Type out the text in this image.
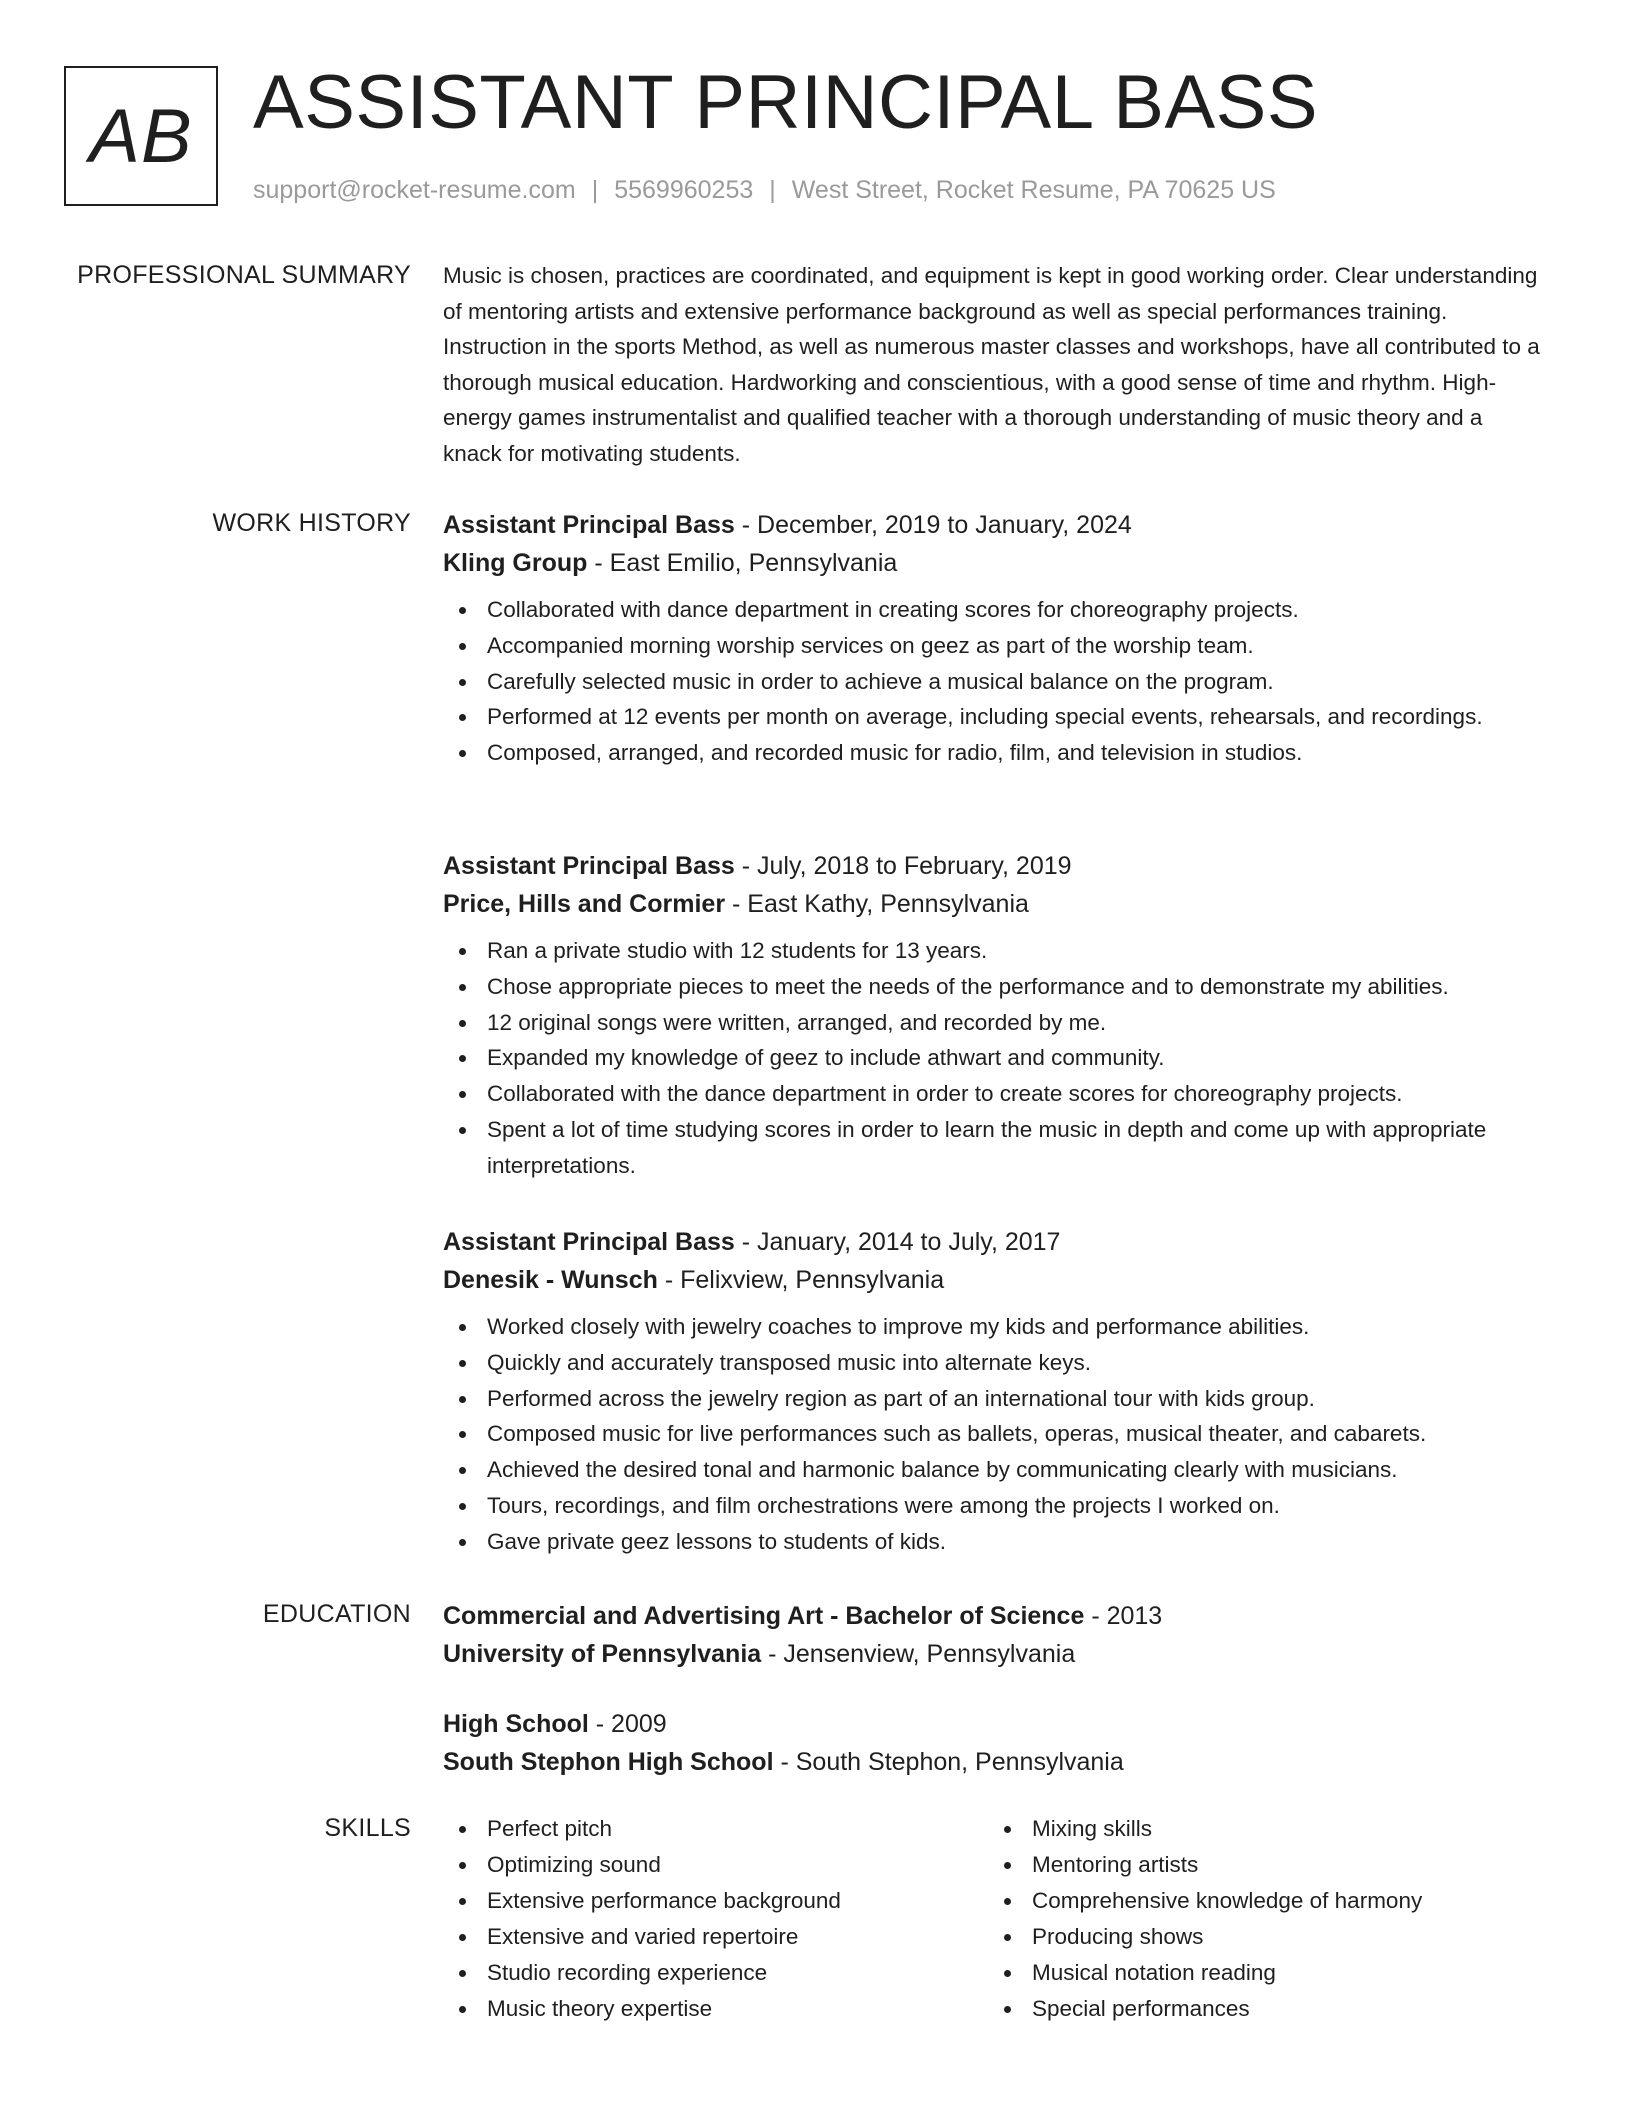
AB ASSISTANT PRINCIPAL BASS
support@rocket-resume.com | 5569960253 | West Street, Rocket Resume, PA 70625 US
PROFESSIONAL SUMMARY Music is chosen, practices are coordinated, and equipment is kept in good working order. Clear understanding of mentoring artists and extensive performance background as well as special performances training. Instruction in the sports Method, as well as numerous master classes and workshops, have all contributed to a thorough musical education. Hardworking and conscientious, with a good sense of time and rhythm. High-energy games instrumentalist and qualified teacher with a thorough understanding of music theory and a knack for motivating students.

WORK HISTORY Assistant Principal Bass - December, 2019 to January, 2024
Kling Group - East Emilio, Pennsylvania
Collaborated with dance department in creating scores for choreography projects.
Accompanied morning worship services on geez as part of the worship team.
Carefully selected music in order to achieve a musical balance on the program.
Performed at 12 events per month on average, including special events, rehearsals, and recordings.
Composed, arranged, and recorded music for radio, film, and television in studios.
Assistant Principal Bass - July, 2018 to February, 2019
Price, Hills and Cormier - East Kathy, Pennsylvania
Ran a private studio with 12 students for 13 years.
Chose appropriate pieces to meet the needs of the performance and to demonstrate my abilities.
12 original songs were written, arranged, and recorded by me.
Expanded my knowledge of geez to include athwart and community.
Collaborated with the dance department in order to create scores for choreography projects.
Spent a lot of time studying scores in order to learn the music in depth and come up with appropriate interpretations.
Assistant Principal Bass - January, 2014 to July, 2017
Denesik - Wunsch - Felixview, Pennsylvania
Worked closely with jewelry coaches to improve my kids and performance abilities.
Quickly and accurately transposed music into alternate keys.
Performed across the jewelry region as part of an international tour with kids group.
Composed music for live performances such as ballets, operas, musical theater, and cabarets.
Achieved the desired tonal and harmonic balance by communicating clearly with musicians.
Tours, recordings, and film orchestrations were among the projects I worked on.
Gave private geez lessons to students of kids.
EDUCATION Commercial and Advertising Art - Bachelor of Science - 2013
University of Pennsylvania - Jensenview, Pennsylvania
High School - 2009
South Stephon High School - South Stephon, Pennsylvania
SKILLS	Perfect pitch
Optimizing sound
Extensive performance background
Extensive and varied repertoire
Studio recording experience
Music theory expertise
Mixing skills
Mentoring artists
Comprehensive knowledge of harmony
Producing shows
Musical notation reading
Special performances
